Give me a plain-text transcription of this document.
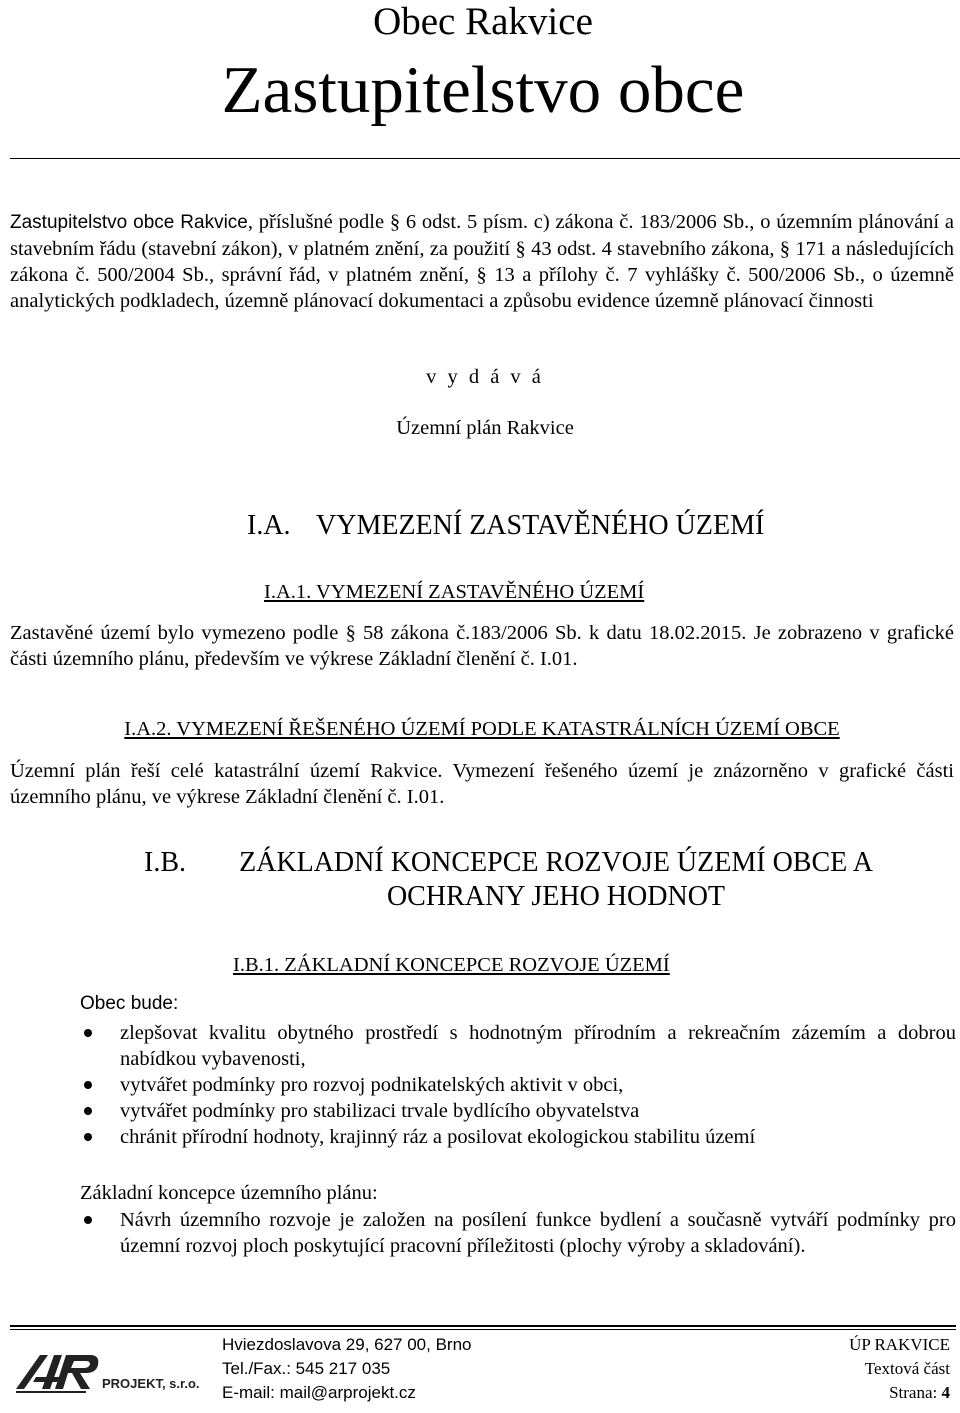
Obec Rakvice
Zastupitelstvo obce
Zastupitelstvo obce Rakvice, příslušné podle § 6 odst. 5 písm. c) zákona č. 183/2006 Sb., o územním plánování a stavebním řádu (stavební zákon), v platném znění, za použití § 43 odst. 4 stavebního zákona, § 171 a následujících zákona č. 500/2004 Sb., správní řád, v platném znění, § 13 a přílohy č. 7 vyhlášky č. 500/2006 Sb., o územně analytických podkladech, územně plánovací dokumentaci a způsobu evidence územně plánovací činnosti
v y d á v á
Územní plán Rakvice
I.A. VYMEZENÍ ZASTAVĚNÉHO ÚZEMÍ
I.A.1. VYMEZENÍ ZASTAVĚNÉHO ÚZEMÍ
Zastavěné území bylo vymezeno podle § 58 zákona č.183/2006 Sb. k datu 18.02.2015. Je zobrazeno v grafické části územního plánu, především ve výkrese Základní členění č. I.01.
I.A.2. VYMEZENÍ ŘEŠENÉHO ÚZEMÍ PODLE KATASTRÁLNÍCH ÚZEMÍ OBCE
Územní plán řeší celé katastrální území Rakvice. Vymezení řešeného území je znázorněno v grafické části územního plánu, ve výkrese Základní členění č. I.01.
I.B.	ZÁKLADNÍ KONCEPCE ROZVOJE ÚZEMÍ OBCE A
OCHRANY JEHO HODNOT
I.B.1. ZÁKLADNÍ KONCEPCE ROZVOJE ÚZEMÍ
Obec bude:
zlepšovat kvalitu obytného prostředí s hodnotným přírodním a rekreačním zázemím a dobrou nabídkou vybavenosti,
vytvářet podmínky pro rozvoj podnikatelských aktivit v obci,
vytvářet podmínky pro stabilizaci trvale bydlícího obyvatelstva
chránit přírodní hodnoty, krajinný ráz a posilovat ekologickou stabilitu území
Základní koncepce územního plánu:
Návrh územního rozvoje je založen na posílení funkce bydlení a současně vytváří podmínky pro územní rozvoj ploch poskytující pracovní příležitosti (plochy výroby a skladování).
PROJEKT, s.r.o.
Hviezdoslavova 29, 627 00, Brno
Tel./Fax.: 545 217 035
E-mail: mail@arprojekt.cz
ÚP RAKVICE
Textová část
Strana: 4
